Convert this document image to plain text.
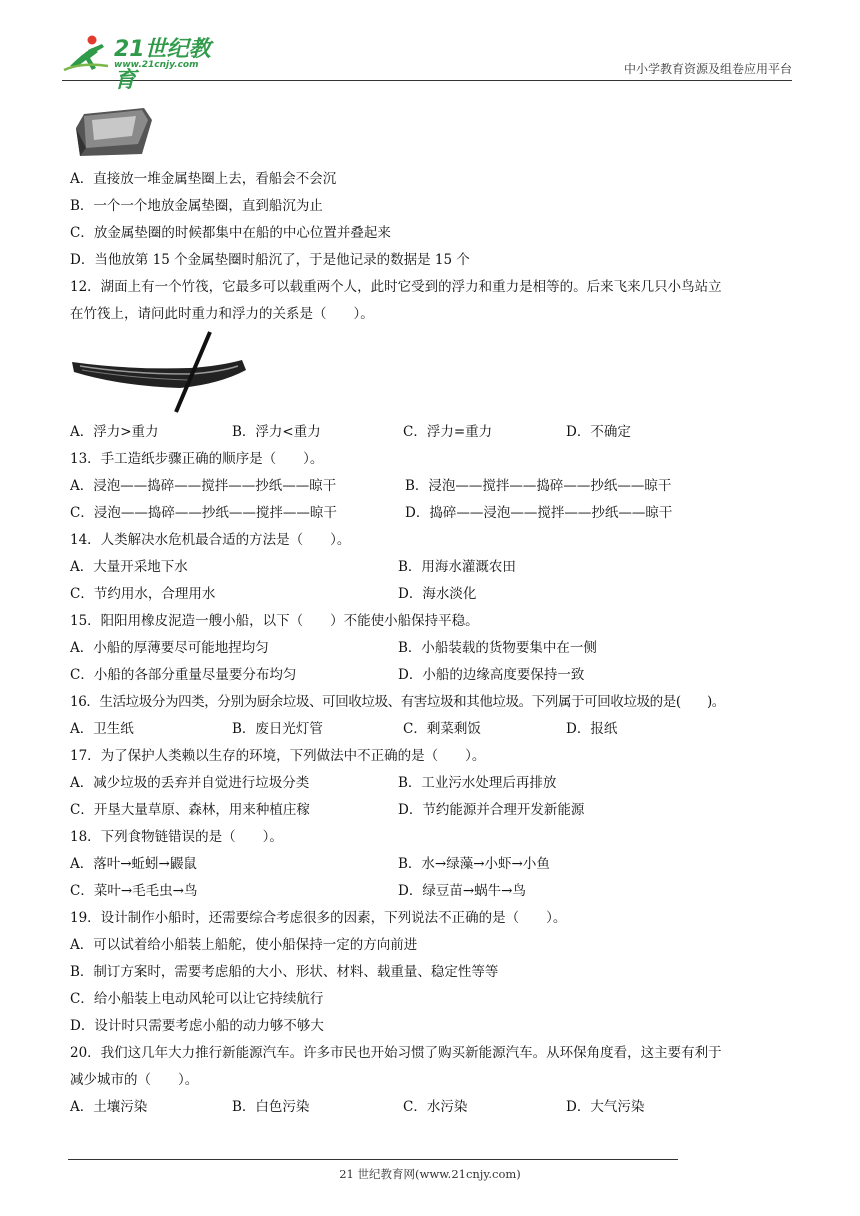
21世纪教育
www.21cnjy.com	中小学教育资源及组卷应用平台
A．直接放一堆金属垫圈上去，看船会不会沉
B．一个一个地放金属垫圈，直到船沉为止
C．放金属垫圈的时候都集中在船的中心位置并叠起来
D．当他放第 15 个金属垫圈时船沉了，于是他记录的数据是 15 个
12．湖面上有一个竹筏，它最多可以载重两个人，此时它受到的浮力和重力是相等的。后来飞来几只小鸟站立
在竹筏上，请问此时重力和浮力的关系是（　　）。
A．浮力>重力	B．浮力<重力	C．浮力=重力	D．不确定
13．手工造纸步骤正确的顺序是（　　）。
A．浸泡——捣碎——搅拌——抄纸——晾干	B．浸泡——搅拌——捣碎——抄纸——晾干
C．浸泡——捣碎——抄纸——搅拌——晾干	D．捣碎——浸泡——搅拌——抄纸——晾干
14．人类解决水危机最合适的方法是（　　）。
A．大量开采地下水	B．用海水灌溉农田
C．节约用水，合理用水	D．海水淡化
15．阳阳用橡皮泥造一艘小船，以下（　　）不能使小船保持平稳。
A．小船的厚薄要尽可能地捏均匀	B．小船装载的货物要集中在一侧
C．小船的各部分重量尽量要分布均匀	D．小船的边缘高度要保持一致
16．生活垃圾分为四类，分别为厨余垃圾、可回收垃圾、有害垃圾和其他垃圾。下列属于可回收垃圾的是(　　)。
A．卫生纸	B．废日光灯管	C．剩菜剩饭	D．报纸
17．为了保护人类赖以生存的环境，下列做法中不正确的是（　　）。
A．减少垃圾的丢弃并自觉进行垃圾分类	B．工业污水处理后再排放
C．开垦大量草原、森林，用来种植庄稼	D．节约能源并合理开发新能源
18．下列食物链错误的是（　　）。
A．落叶→蚯蚓→鼹鼠	B．水→绿藻→小虾→小鱼
C．菜叶→毛毛虫→鸟	D．绿豆苗→蜗牛→鸟
19．设计制作小船时，还需要综合考虑很多的因素，下列说法不正确的是（　　）。
A．可以试着给小船装上船舵，使小船保持一定的方向前进
B．制订方案时，需要考虑船的大小、形状、材料、载重量、稳定性等等
C．给小船装上电动风轮可以让它持续航行
D．设计时只需要考虑小船的动力够不够大
20．我们这几年大力推行新能源汽车。许多市民也开始习惯了购买新能源汽车。从环保角度看，这主要有利于
减少城市的（　　）。
A．土壤污染	B．白色污染	C．水污染	D．大气污染
21 世纪教育网(www.21cnjy.com)
